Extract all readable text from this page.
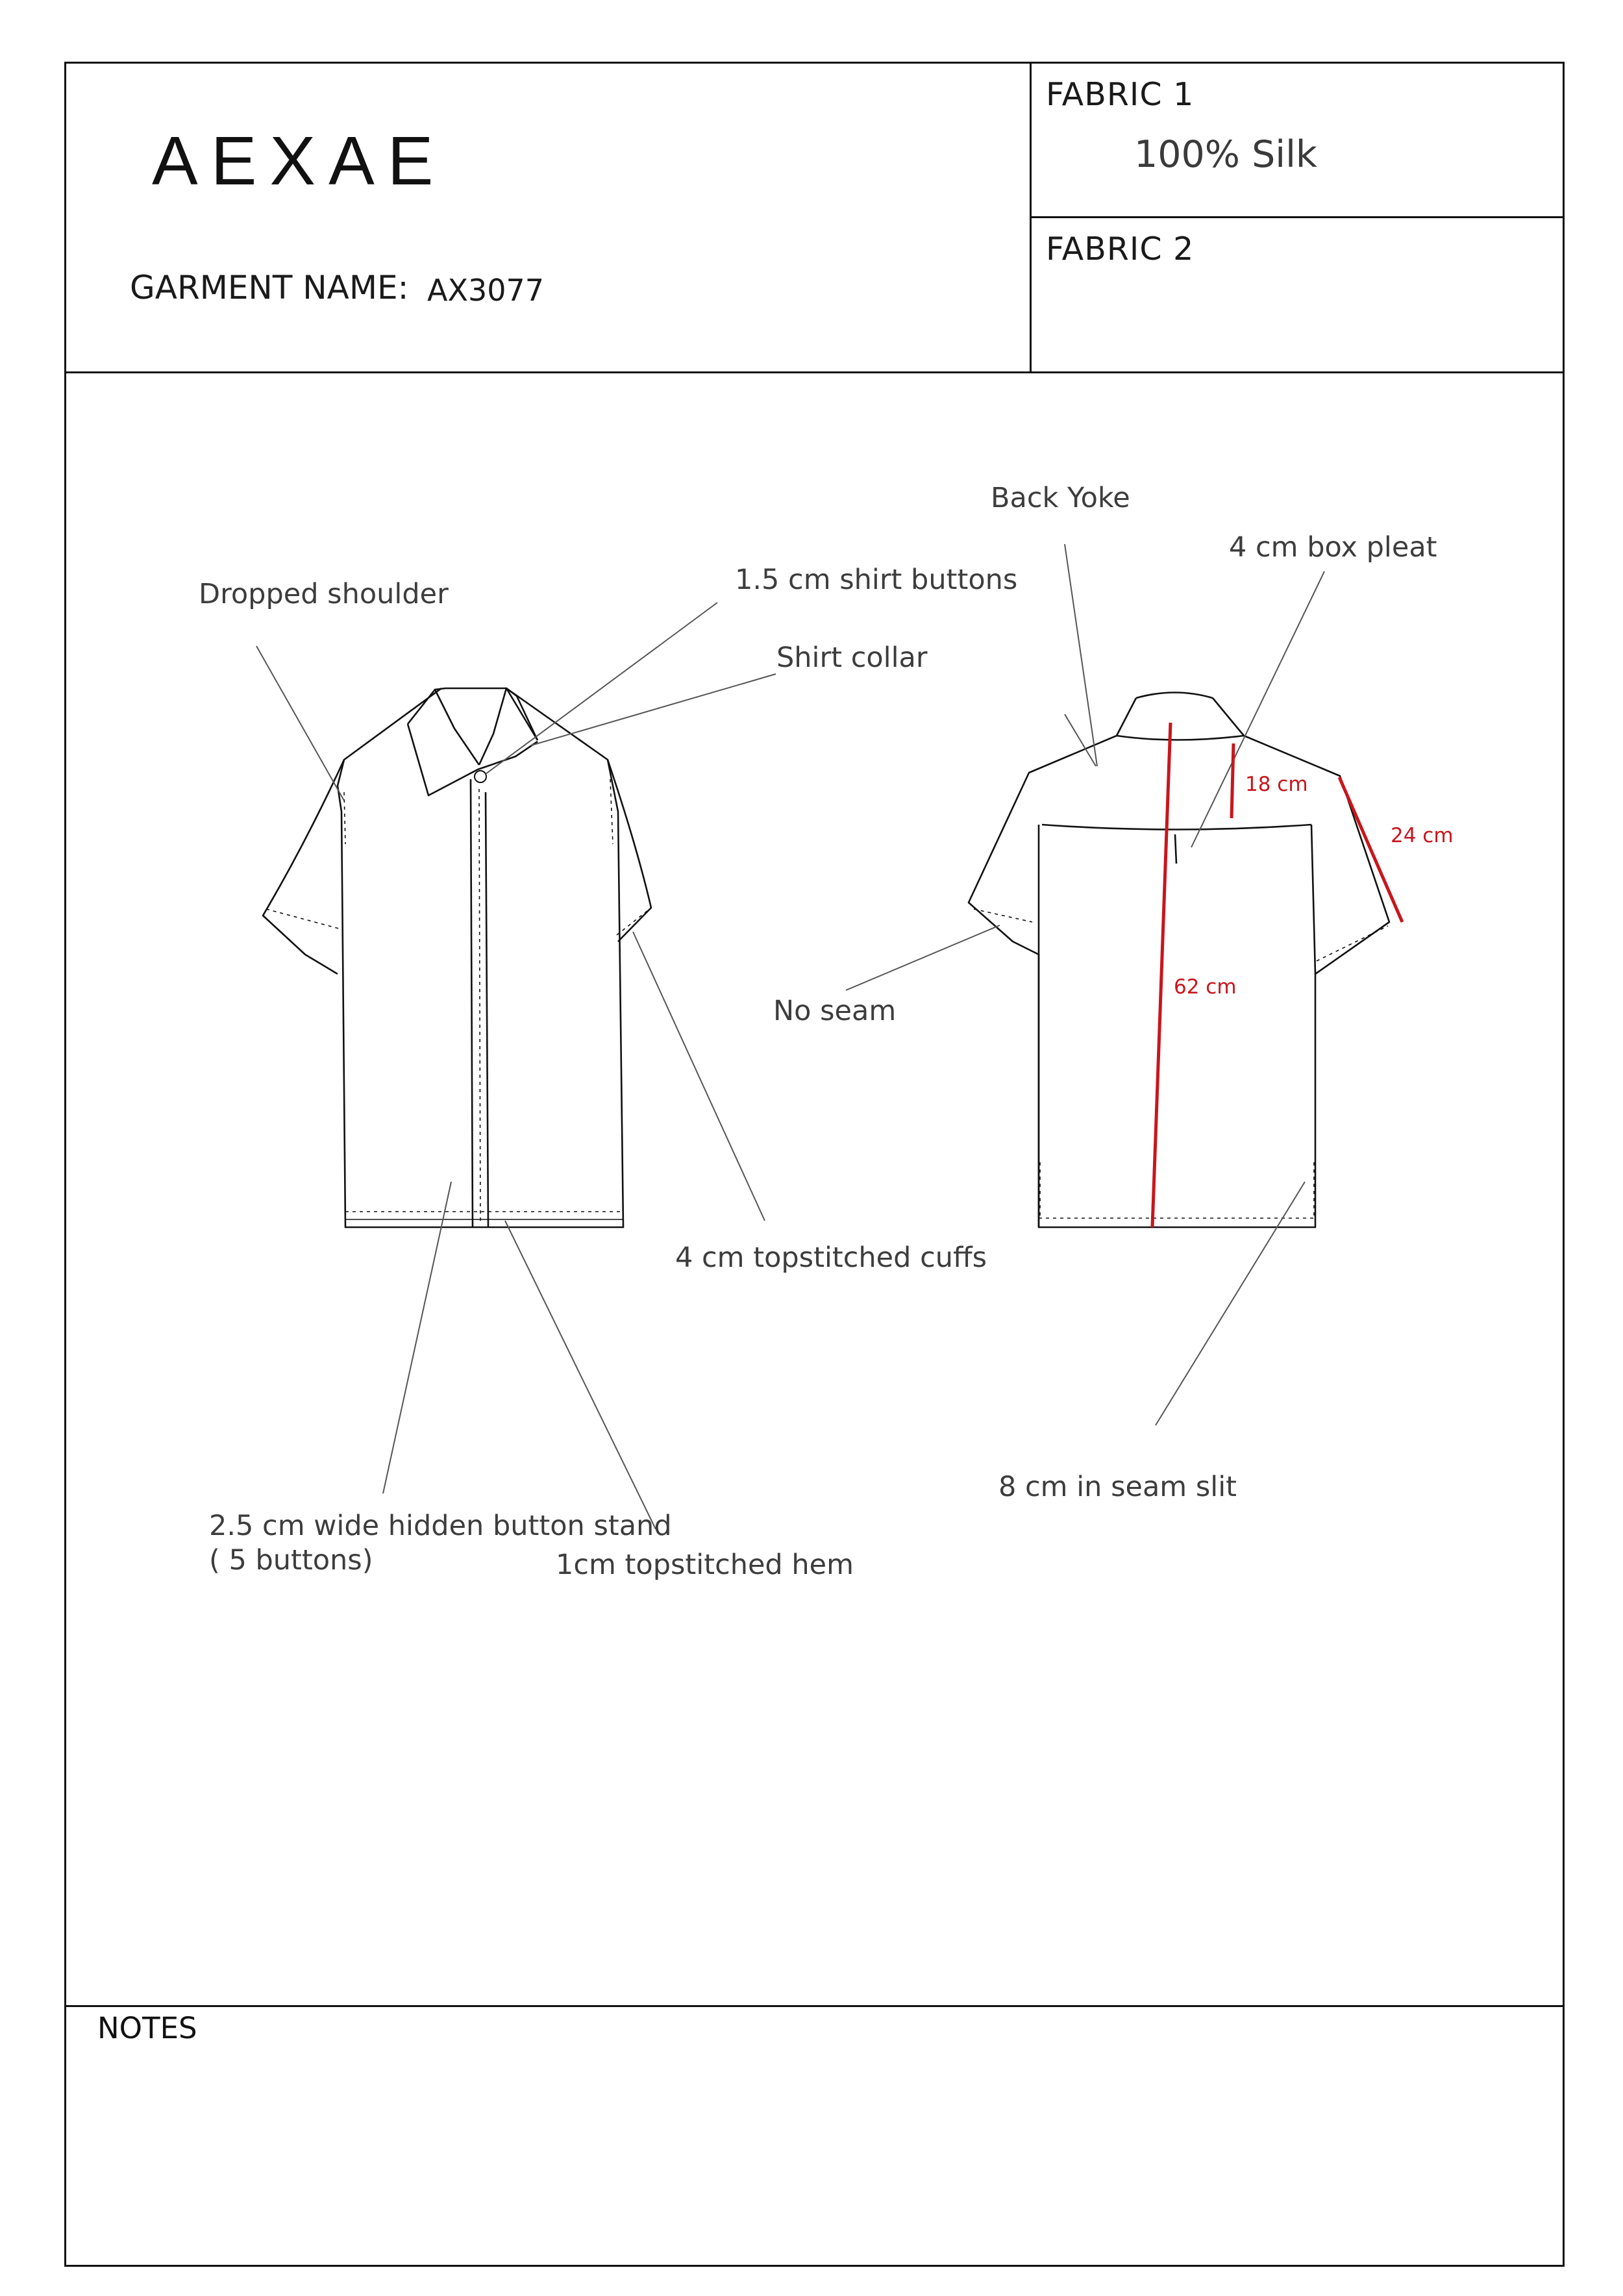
AEXAE
GARMENT NAME: AX3077
FABRIC 1
100% Silk
FABRIC 2
18 cm
24 cm
62 cm
Dropped shoulder	1.5 cm shirt buttons
Shirt collar
4 cm topstitched cuffs
2.5 cm wide hidden button stand
( 5 buttons)	1cm topstitched hem
Back Yoke
4 cm box pleat
No seam
8 cm in seam slit
NOTES
